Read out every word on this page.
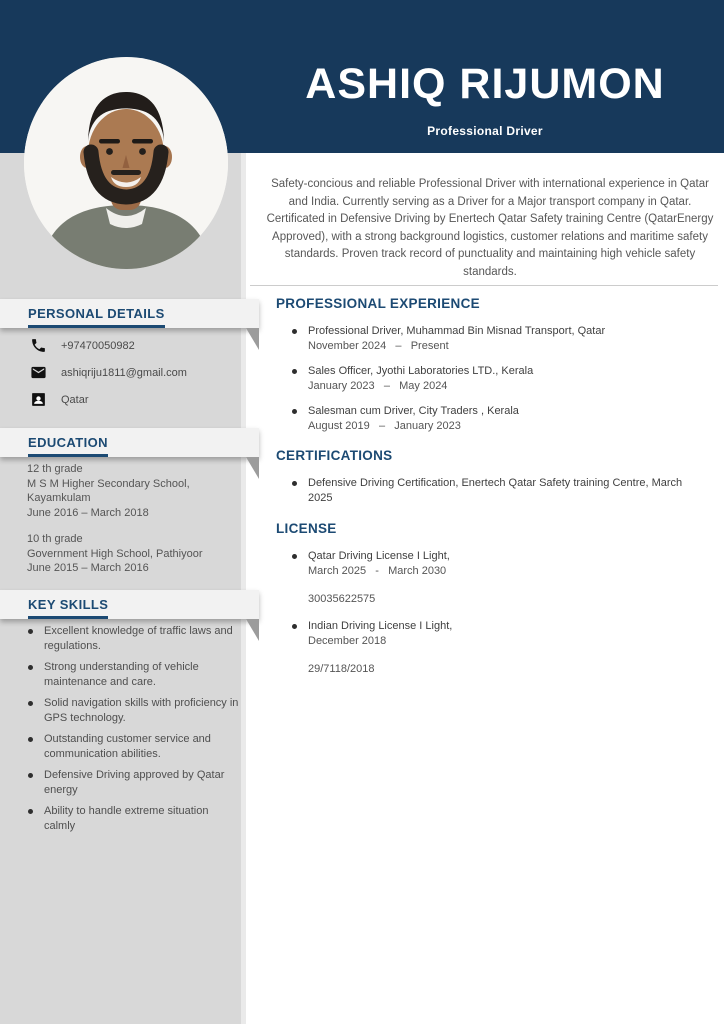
ASHIQ RIJUMON
Professional Driver

Safety-concious and reliable Professional Driver with international experience in Qatar and India. Currently serving as a Driver for a Major transport company in Qatar. Certificated in Defensive Driving by Enertech Qatar Safety training Centre (QatarEnergy Approved), with a strong background logistics, customer relations and maritime safety standards. Proven track record of punctuality and maintaining high vehicle safety standards.

PERSONAL DETAILS
+97470050982
ashiqriju1811@gmail.com
Qatar
EDUCATION
12 th grade
M S M Higher Secondary School,
Kayamkulam
June 2016 – March 2018
10 th grade
Government High School, Pathiyoor
June 2015 – March 2016
KEY SKILLS
Excellent knowledge of traffic laws and regulations.
Strong understanding of vehicle maintenance and care.
Solid navigation skills with proficiency in GPS technology.
Outstanding customer service and communication abilities.
Defensive Driving approved by Qatar energy
Ability to handle extreme situation calmly
PROFESSIONAL EXPERIENCE
Professional Driver, Muhammad Bin Misnad Transport, Qatar
November 2024   –   Present
Sales Officer, Jyothi Laboratories LTD., Kerala
January 2023   –   May 2024
Salesman cum Driver, City Traders , Kerala
August 2019   –   January 2023
CERTIFICATIONS
Defensive Driving Certification, Enertech Qatar Safety training Centre, March 2025
LICENSE
Qatar Driving License I Light,
March 2025   -   March 2030
30035622575
Indian Driving License I Light,
December 2018
29/7118/2018
